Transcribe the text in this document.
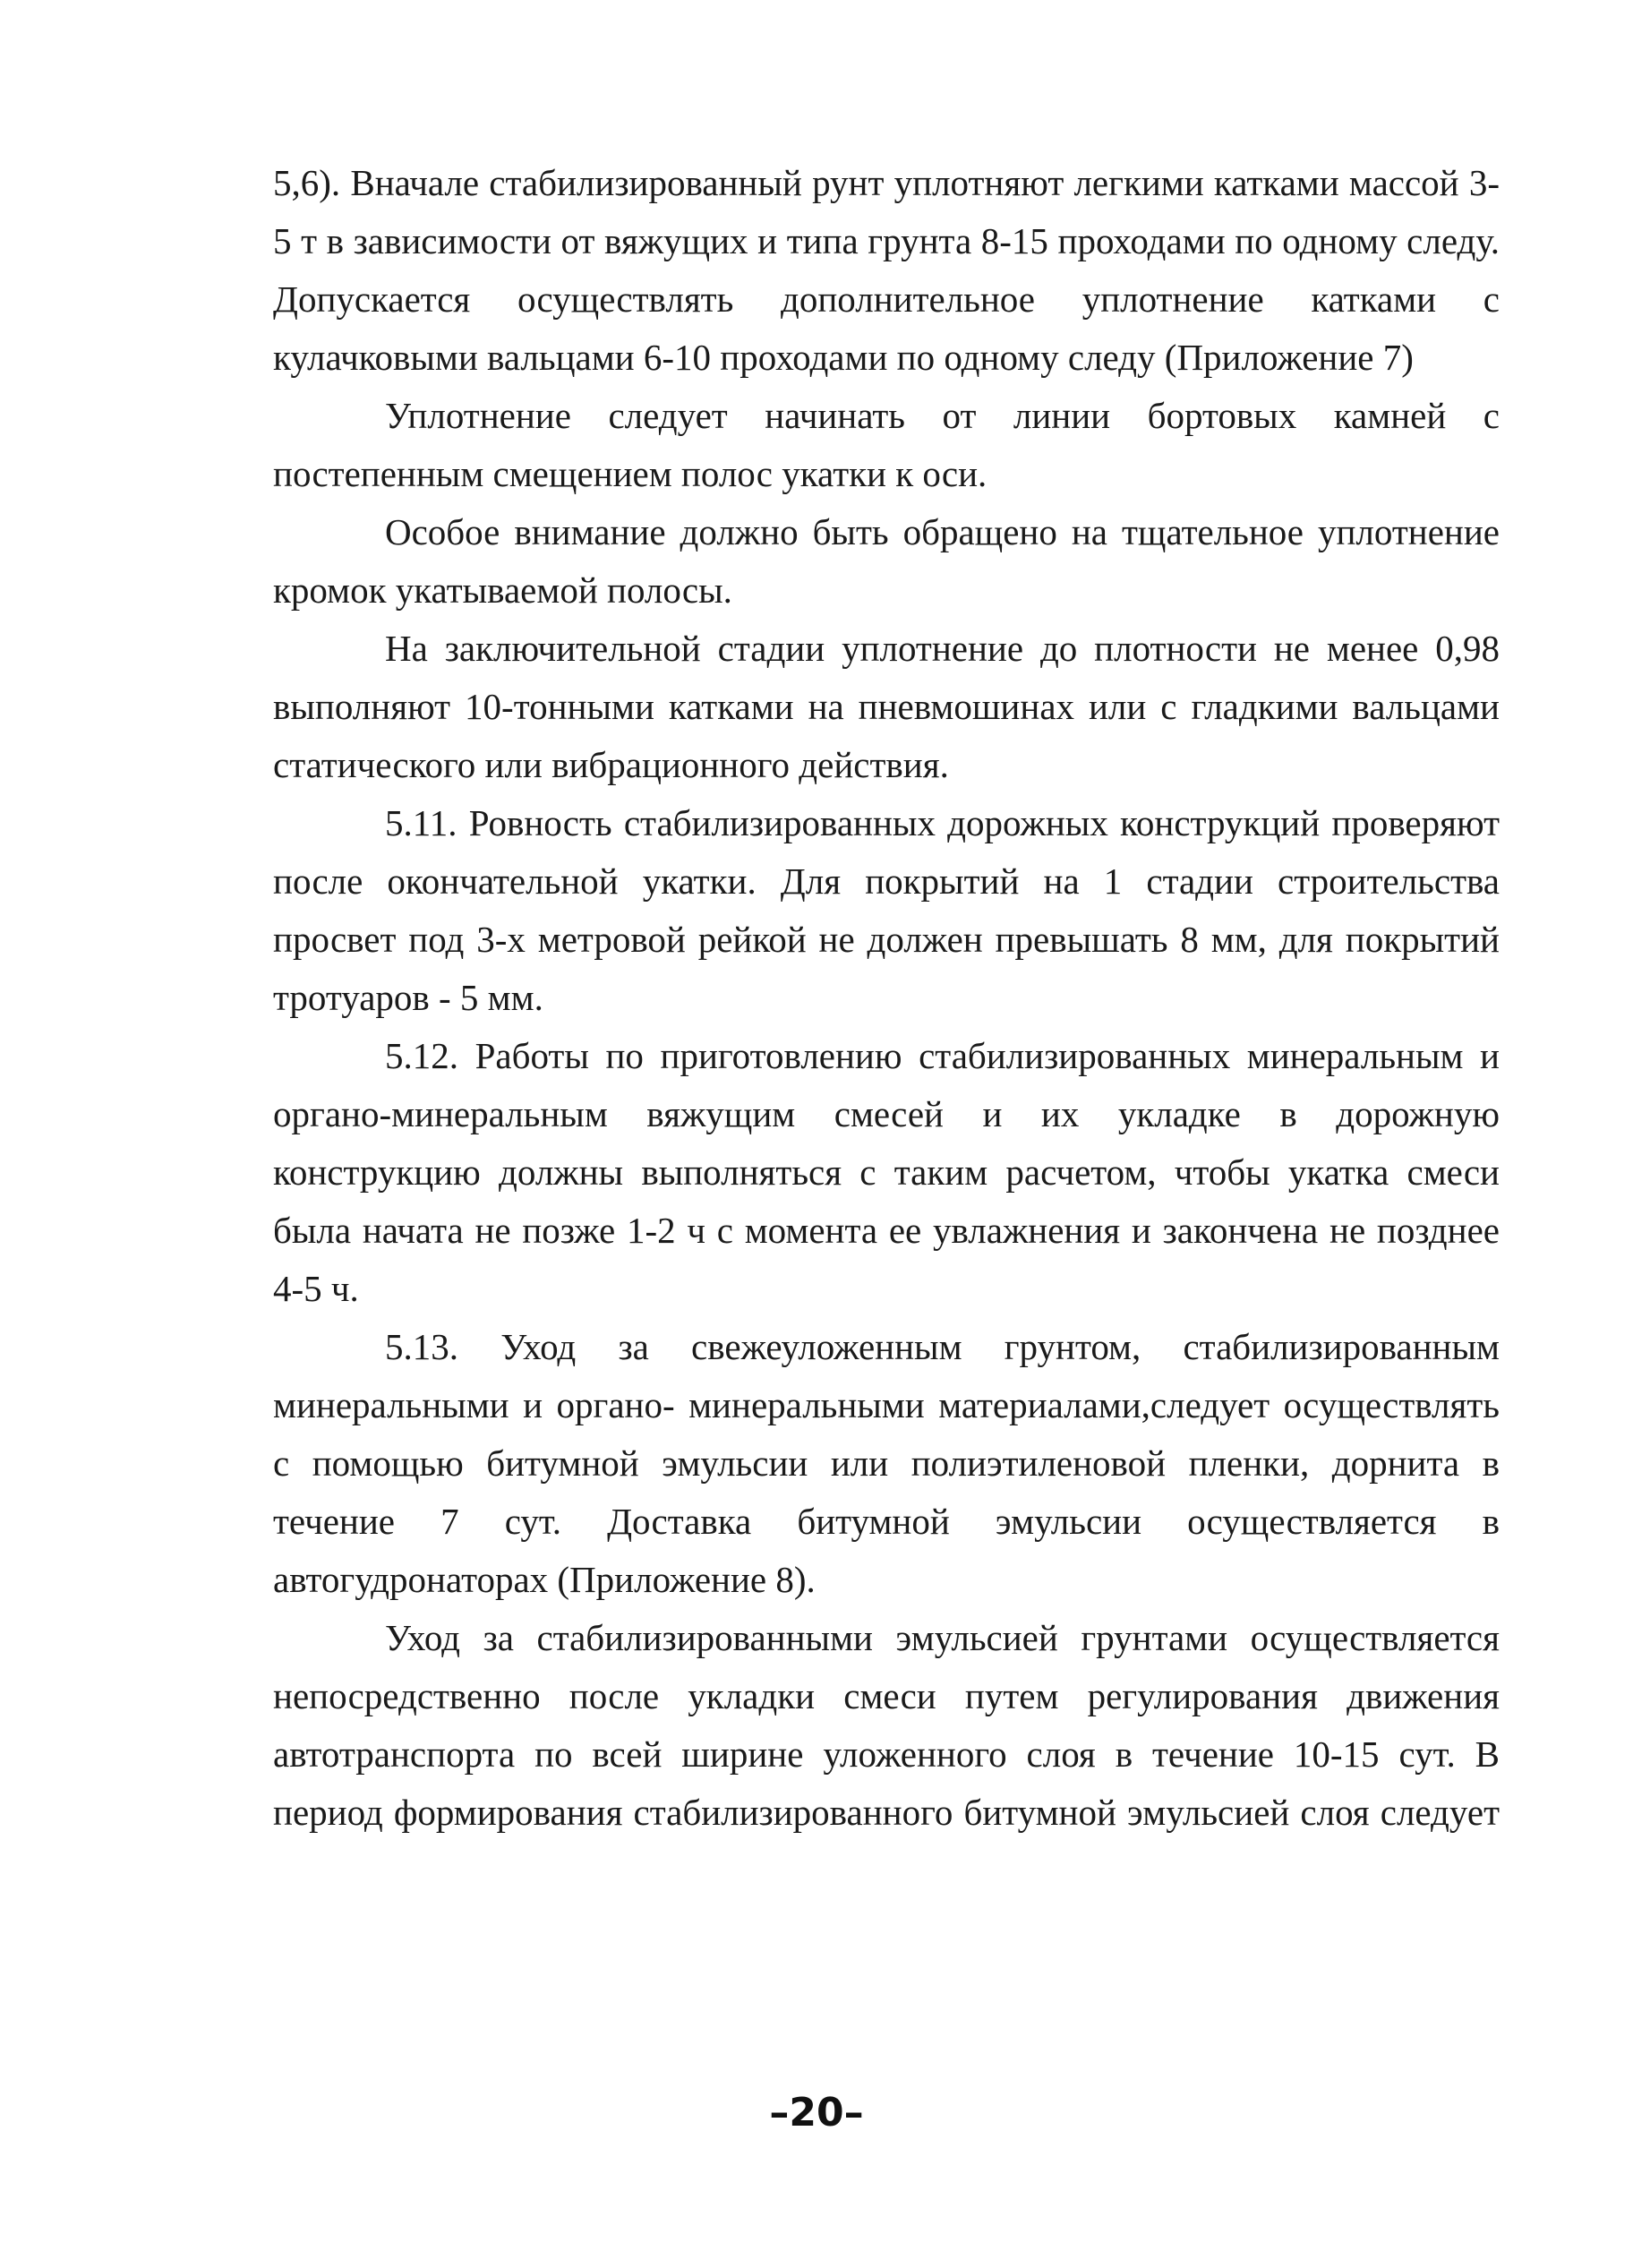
5,6). Вначале стабилизированный рунт уплотняют легкими катками массой 3-5 т в зависимости от вяжущих и типа грунта 8-15 проходами по одному следу. Допускается осуществлять дополнительное уплотнение катками с кулачковыми вальцами 6-10 проходами по одному следу (Приложение 7)

Уплотнение следует начинать от линии бортовых камней с постепенным смещением полос укатки к оси.

Особое внимание должно быть обращено на тщательное уплотнение кромок укатываемой полосы.

На заключительной стадии уплотнение до плотности не менее 0,98 выполняют 10-тонными катками на пневмошинах или с гладкими вальцами статического или вибрационного действия.

5.11. Ровность стабилизированных дорожных конструкций проверяют после окончательной укатки. Для покрытий на 1 стадии строительства просвет под 3-х метровой рейкой не должен превышать 8 мм, для покрытий тротуаров - 5 мм.

5.12. Работы по приготовлению стабилизированных минеральным и органо-минеральным вяжущим смесей и их укладке в дорожную конструкцию должны выполняться с таким расчетом, чтобы укатка смеси была начата не позже 1-2 ч с момента ее увлажнения и закончена не позднее 4-5 ч.

5.13. Уход за свежеуложенным грунтом, стабилизированным минеральными и органо- минеральными материалами,следует осуществлять с помощью битумной эмульсии или полиэтиленовой пленки, дорнита в течение 7 сут. Доставка битумной эмульсии осуществляется в автогудронаторах (Приложение 8).

Уход за стабилизированными эмульсией грунтами осуществляется непосредственно после укладки смеси путем регулирования движения автотранспорта по всей ширине уложенного слоя в течение 10-15 сут. В период формирования стабилизированного битумной эмульсией слоя следует

–20–
